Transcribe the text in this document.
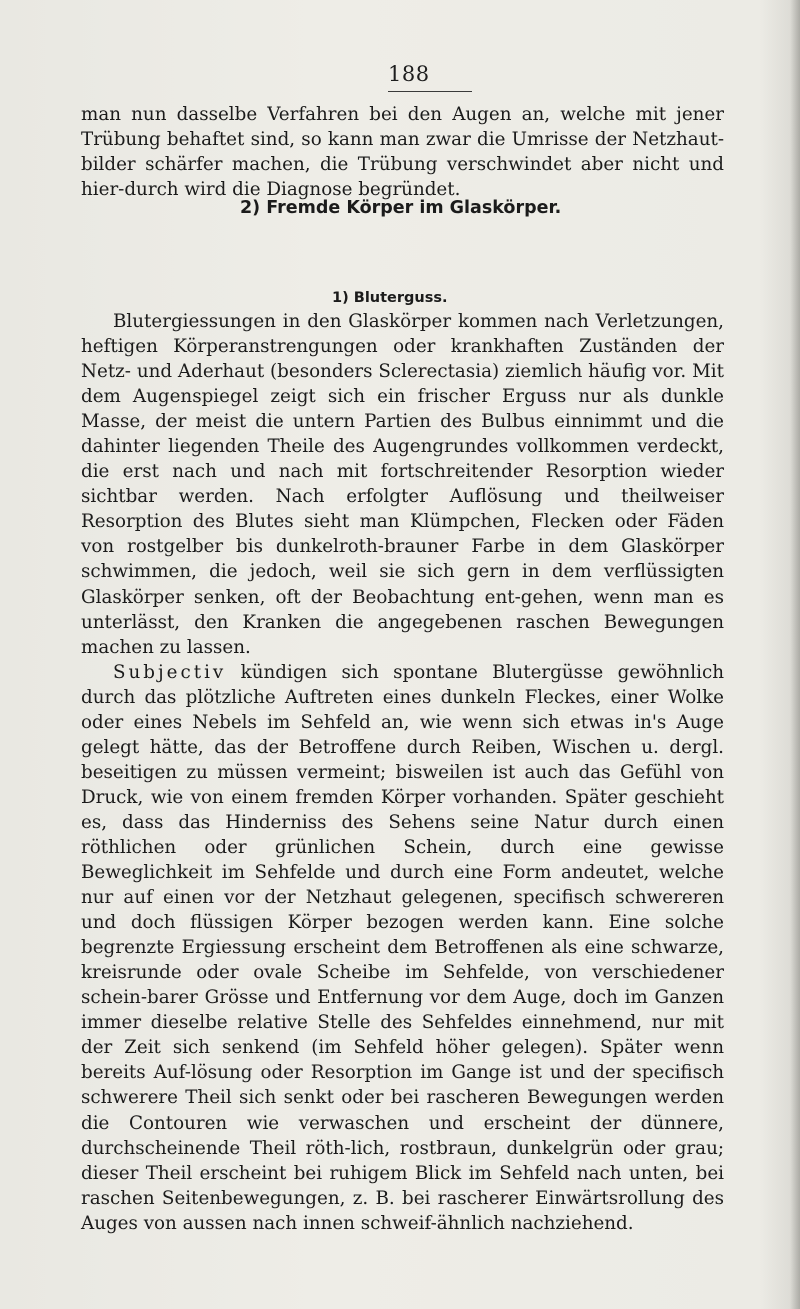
188

man nun dasselbe Verfahren bei den Augen an, welche mit jener Trübung behaftet sind, so kann man zwar die Umrisse der Netzhaut-bilder schärfer machen, die Trübung verschwindet aber nicht und hier-durch wird die Diagnose begründet.

2) Fremde Körper im Glaskörper.
1) Bluterguss.

Blutergiessungen in den Glaskörper kommen nach Verletzungen, heftigen Körperanstrengungen oder krankhaften Zuständen der Netz- und Aderhaut (besonders Sclerectasia) ziemlich häufig vor. Mit dem Augenspiegel zeigt sich ein frischer Erguss nur als dunkle Masse, der meist die untern Partien des Bulbus einnimmt und die dahinter liegenden Theile des Augengrundes vollkommen verdeckt, die erst nach und nach mit fortschreitender Resorption wieder sichtbar werden. Nach erfolgter Auflösung und theilweiser Resorption des Blutes sieht man Klümpchen, Flecken oder Fäden von rostgelber bis dunkelroth-brauner Farbe in dem Glaskörper schwimmen, die jedoch, weil sie sich gern in dem verflüssigten Glaskörper senken, oft der Beobachtung ent-gehen, wenn man es unterlässt, den Kranken die angegebenen raschen Bewegungen machen zu lassen.

Subjectiv kündigen sich spontane Blutergüsse gewöhnlich durch das plötzliche Auftreten eines dunkeln Fleckes, einer Wolke oder eines Nebels im Sehfeld an, wie wenn sich etwas in's Auge gelegt hätte, das der Betroffene durch Reiben, Wischen u. dergl. beseitigen zu müssen vermeint; bisweilen ist auch das Gefühl von Druck, wie von einem fremden Körper vorhanden. Später geschieht es, dass das Hinderniss des Sehens seine Natur durch einen röthlichen oder grünlichen Schein, durch eine gewisse Beweglichkeit im Sehfelde und durch eine Form andeutet, welche nur auf einen vor der Netzhaut gelegenen, specifisch schwereren und doch flüssigen Körper bezogen werden kann. Eine solche begrenzte Ergiessung erscheint dem Betroffenen als eine schwarze, kreisrunde oder ovale Scheibe im Sehfelde, von verschiedener schein-barer Grösse und Entfernung vor dem Auge, doch im Ganzen immer dieselbe relative Stelle des Sehfeldes einnehmend, nur mit der Zeit sich senkend (im Sehfeld höher gelegen). Später wenn bereits Auf-lösung oder Resorption im Gange ist und der specifisch schwerere Theil sich senkt oder bei rascheren Bewegungen werden die Contouren wie verwaschen und erscheint der dünnere, durchscheinende Theil röth-lich, rostbraun, dunkelgrün oder grau; dieser Theil erscheint bei ruhigem Blick im Sehfeld nach unten, bei raschen Seitenbewegungen, z. B. bei rascherer Einwärtsrollung des Auges von aussen nach innen schweif-ähnlich nachziehend.
